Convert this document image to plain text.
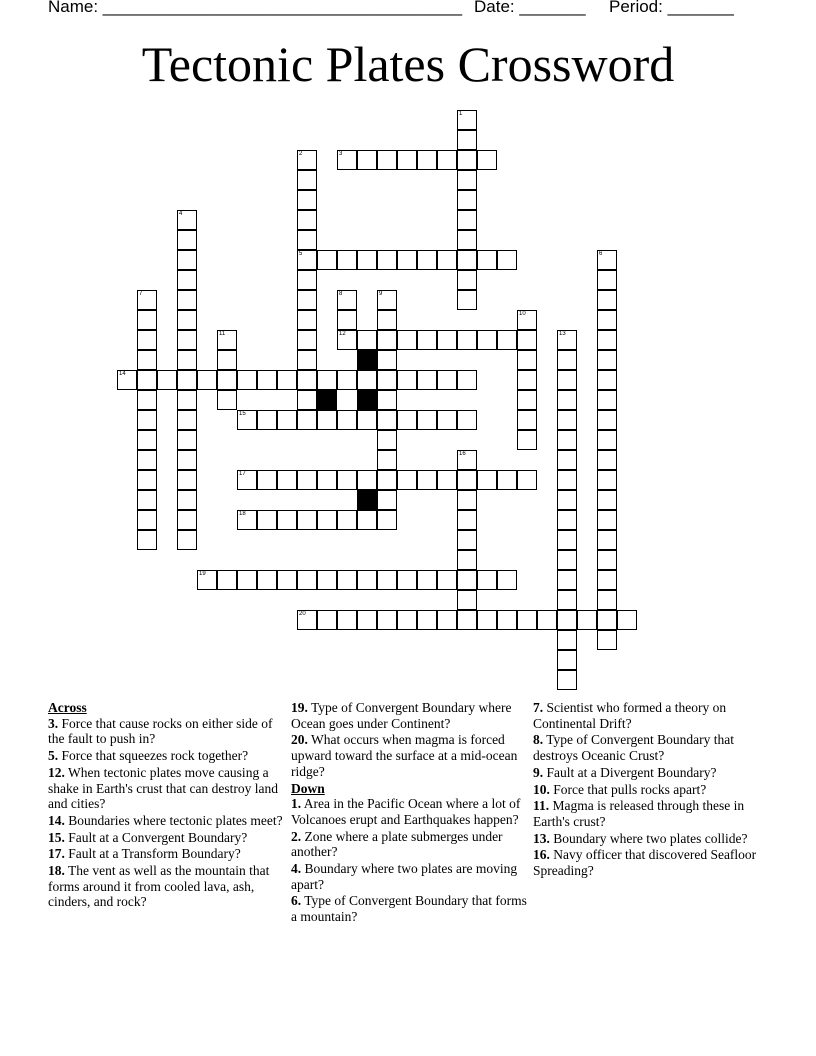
Name: ______________________________________ Date: _______ Period: _______
Tectonic Plates Crossword
1
2
5
3
4
6
7	8
12
9
10
11	13
14
15
16
17
18
19
20
Across
3. Force that cause rocks on either side of the fault to push in?
5. Force that squeezes rock together?
12. When tectonic plates move causing a shake in Earth's crust that can destroy land and cities?
14. Boundaries where tectonic plates meet?
15. Fault at a Convergent Boundary?
17. Fault at a Transform Boundary?
18. The vent as well as the mountain that forms around it from cooled lava, ash, cinders, and rock?
19. Type of Convergent Boundary where Ocean goes under Continent?
20. What occurs when magma is forced upward toward the surface at a mid-ocean ridge?
Down
1. Area in the Pacific Ocean where a lot of Volcanoes erupt and Earthquakes happen?
2. Zone where a plate submerges under another?
4. Boundary where two plates are moving apart?
6. Type of Convergent Boundary that forms a mountain?
7. Scientist who formed a theory on Continental Drift?
8. Type of Convergent Boundary that destroys Oceanic Crust?
9. Fault at a Divergent Boundary?
10. Force that pulls rocks apart?
11. Magma is released through these in Earth's crust?
13. Boundary where two plates collide?
16. Navy officer that discovered Seafloor Spreading?
